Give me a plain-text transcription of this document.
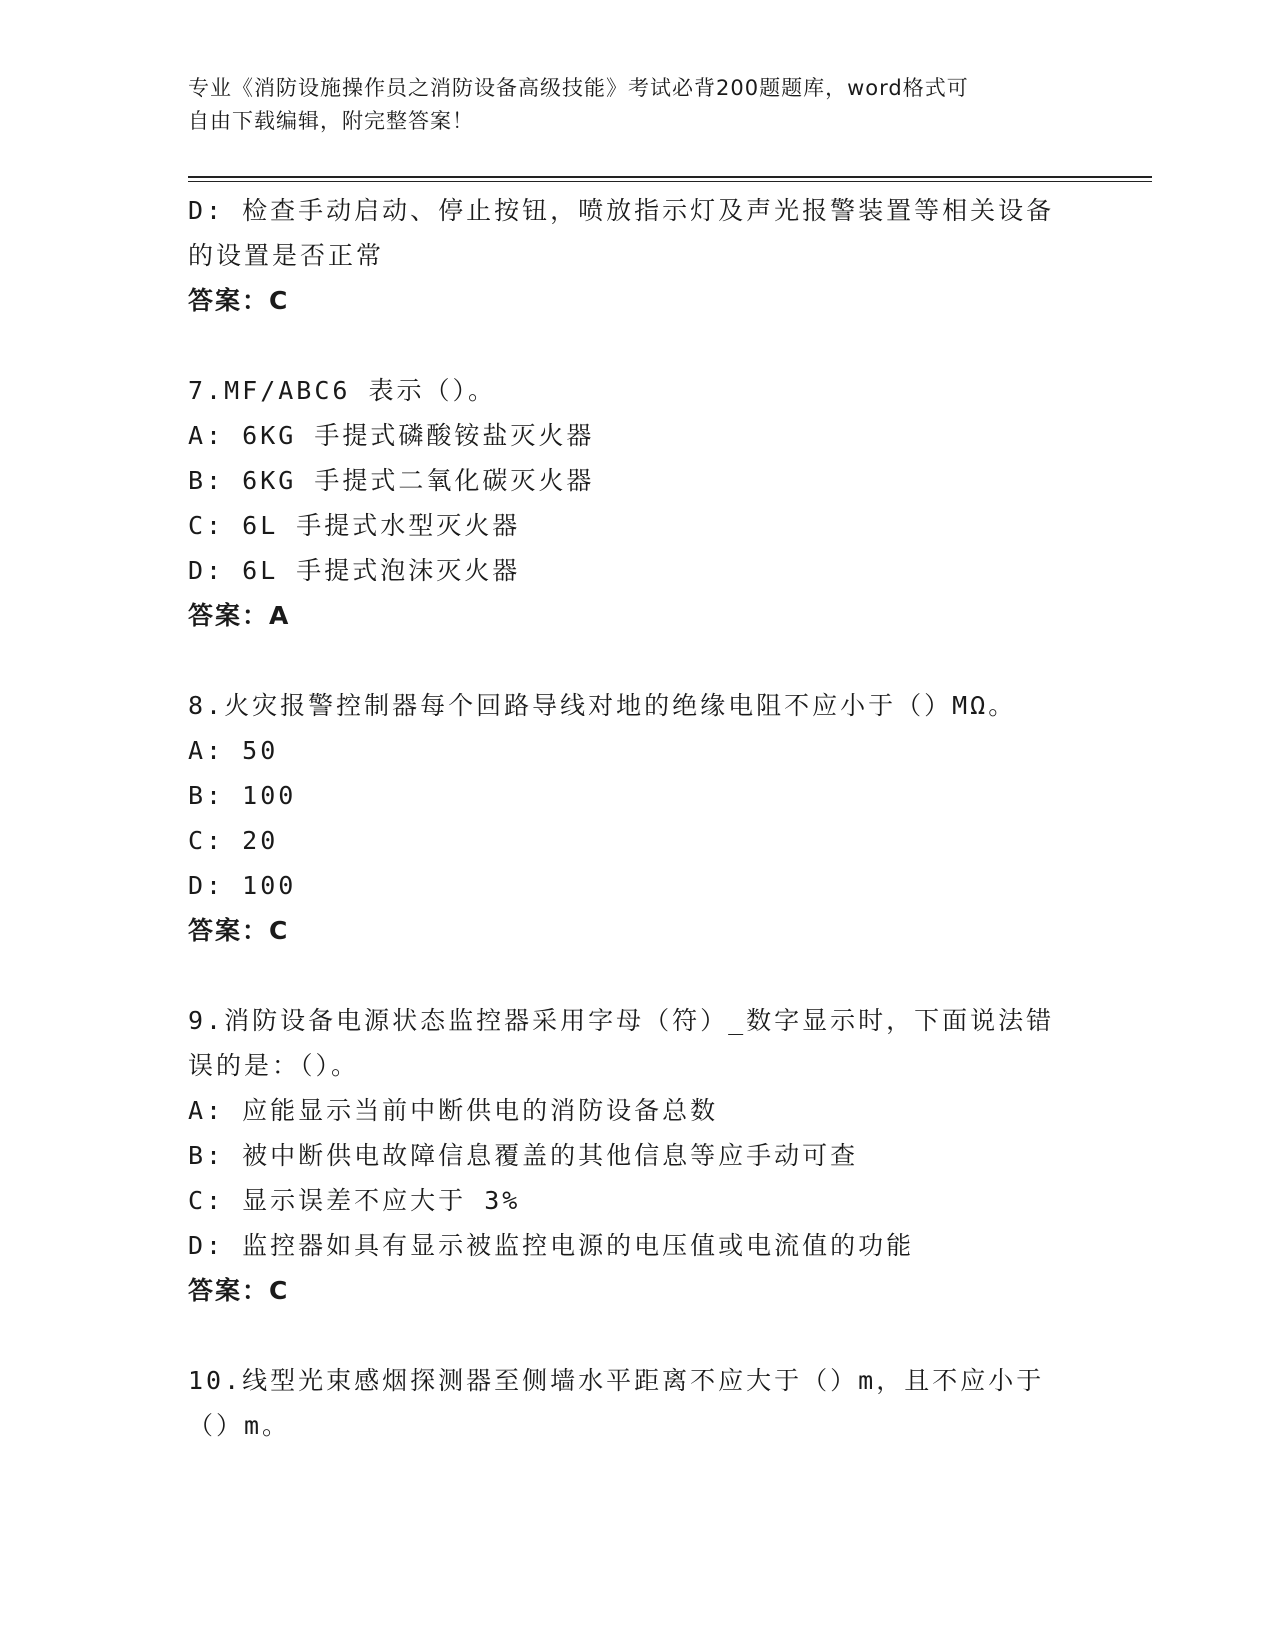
专业《消防设施操作员之消防设备高级技能》考试必背200题题库，word格式可
自由下载编辑，附完整答案！

D: 检查手动启动、停止按钮，喷放指示灯及声光报警装置等相关设备

的设置是否正常

答案：C

7.MF/ABC6 表示（）。

A: 6KG 手提式磷酸铵盐灭火器

B: 6KG 手提式二氧化碳灭火器

C: 6L 手提式水型灭火器

D: 6L 手提式泡沫灭火器

答案：A

8.火灾报警控制器每个回路导线对地的绝缘电阻不应小于（）MΩ。

A: 50

B: 100

C: 20

D: 100

答案：C

9.消防设备电源状态监控器采用字母（符）_数字显示时，下面说法错

误的是：（）。

A: 应能显示当前中断供电的消防设备总数

B: 被中断供电故障信息覆盖的其他信息等应手动可查

C: 显示误差不应大于 3%

D: 监控器如具有显示被监控电源的电压值或电流值的功能

答案：C

10.线型光束感烟探测器至侧墙水平距离不应大于（）m，且不应小于

（）m。
